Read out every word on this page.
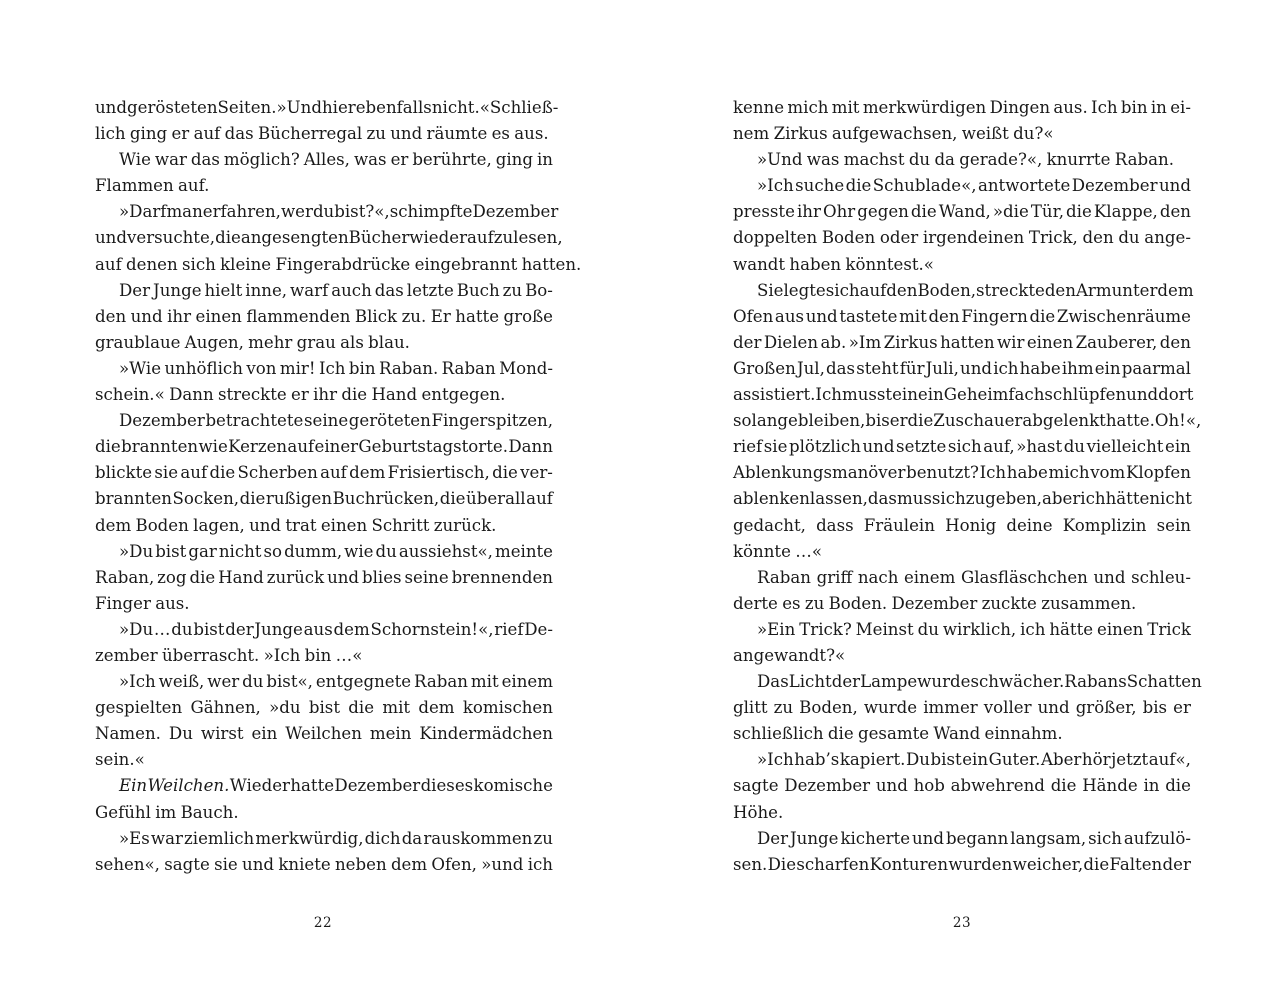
und gerösteten Seiten. »Und hier ebenfalls nicht.« Schließ-
lich ging er auf das Bücherregal zu und räumte es aus.
Wie war das möglich? Alles, was er berührte, ging in
Flammen auf.
»Darf man erfahren, wer du bist?«, schimpfte Dezember
und versuchte, die angesengten Bücher wieder aufzulesen,
auf denen sich kleine Fingerabdrücke eingebrannt hatten.
Der Junge hielt inne, warf auch das letzte Buch zu Bo-
den und ihr einen flammenden Blick zu. Er hatte große
graublaue Augen, mehr grau als blau.
»Wie unhöflich von mir! Ich bin Raban. Raban Mond-
schein.« Dann streckte er ihr die Hand entgegen.
Dezember betrachtete seine geröteten Fingerspitzen,
die brannten wie Kerzen auf einer Geburtstagstorte. Dann
blickte sie auf die Scherben auf dem Frisiertisch, die ver-
brannten Socken, die rußigen Buchrücken, die überall auf
dem Boden lagen, und trat einen Schritt zurück.
»Du bist gar nicht so dumm, wie du aussiehst«, meinte
Raban, zog die Hand zurück und blies seine brennenden
Finger aus.
»Du … du bist der Junge aus dem Schornstein!«, rief De-
zember überrascht. »Ich bin …«
»Ich weiß, wer du bist«, entgegnete Raban mit einem
gespielten Gähnen, »du bist die mit dem komischen
Namen. Du wirst ein Weilchen mein Kindermädchen
sein.«
Ein Weilchen. Wieder hatte Dezember dieses komische
Gefühl im Bauch.
»Es war ziemlich merkwürdig, dich da rauskommen zu
sehen«, sagte sie und kniete neben dem Ofen, »und ich
22
kenne mich mit merkwürdigen Dingen aus. Ich bin in ei-
nem Zirkus aufgewachsen, weißt du?«
»Und was machst du da gerade?«, knurrte Raban.
»Ich suche die Schublade«, antwortete Dezember und
presste ihr Ohr gegen die Wand, »die Tür, die Klappe, den
doppelten Boden oder irgendeinen Trick, den du ange-
wandt haben könntest.«
Sie legte sich auf den Boden, streckte den Arm unter dem
Ofen aus und tastete mit den Fingern die Zwischenräume
der Dielen ab. »Im Zirkus hatten wir einen Zauberer, den
Großen Jul, das steht für Juli, und ich habe ihm ein paarmal
assistiert. Ich musste in ein Geheimfach schlüpfen und dort
so lange bleiben, bis er die Zuschauer abgelenkt hatte. Oh!«,
rief sie plötzlich und setzte sich auf, »hast du vielleicht ein
Ablenkungsmanöver benutzt? Ich habe mich vom Klopfen
ablenken lassen, das muss ich zugeben, aber ich hätte nicht
gedacht, dass Fräulein Honig deine Komplizin sein
könnte …«
Raban griff nach einem Glasfläschchen und schleu-
derte es zu Boden. Dezember zuckte zusammen.
»Ein Trick? Meinst du wirklich, ich hätte einen Trick
angewandt?«
Das Licht der Lampe wurde schwächer. Rabans Schatten
glitt zu Boden, wurde immer voller und größer, bis er
schließlich die gesamte Wand einnahm.
»Ich hab’s kapiert. Du bist ein Guter. Aber hör jetzt auf«,
sagte Dezember und hob abwehrend die Hände in die
Höhe.
Der Junge kicherte und begann langsam, sich aufzulö-
sen. Die scharfen Konturen wurden weicher, die Falten der
23
